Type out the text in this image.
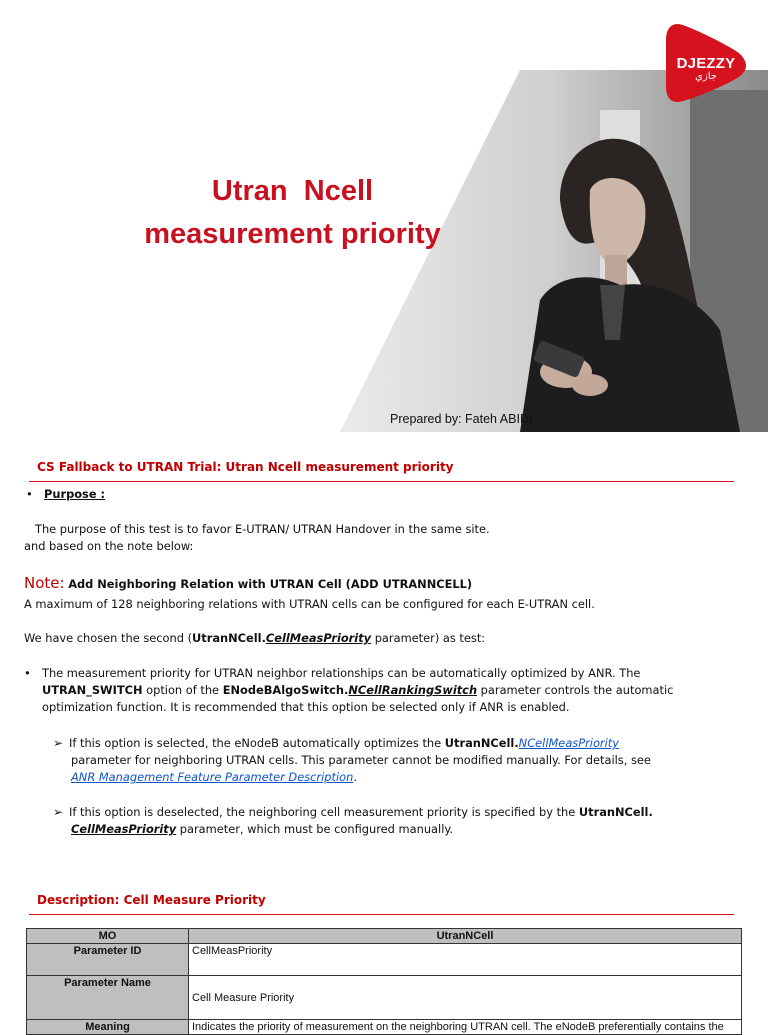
Utran  Ncell
measurement priority
Prepared by: Fateh ABIDI
DJEZZY
جازي
CS Fallback to UTRAN Trial: Utran Ncell measurement priority
• Purpose :
The purpose of this test is to favor E-UTRAN/ UTRAN Handover in the same site.
and based on the note below:
Note: Add Neighboring Relation with UTRAN Cell (ADD UTRANNCELL)
A maximum of 128 neighboring relations with UTRAN cells can be configured for each E-UTRAN cell.
We have chosen the second (UtranNCell.CellMeasPriority parameter) as test:
• The measurement priority for UTRAN neighbor relationships can be automatically optimized by ANR. The
UTRAN_SWITCH option of the ENodeBAlgoSwitch.NCellRankingSwitch parameter controls the automatic
optimization function. It is recommended that this option be selected only if ANR is enabled.
➢ If this option is selected, the eNodeB automatically optimizes the UtranNCell.NCellMeasPriority
parameter for neighboring UTRAN cells. This parameter cannot be modified manually. For details, see
ANR Management Feature Parameter Description.
➢ If this option is deselected, the neighboring cell measurement priority is specified by the UtranNCell.
CellMeasPriority parameter, which must be configured manually.
Description: Cell Measure Priority
MO	UtranNCell
Parameter ID	CellMeasPriority
Parameter Name	Cell Measure Priority
Meaning	Indicates the priority of measurement on the neighboring UTRAN cell. The eNodeB preferentially contains the
